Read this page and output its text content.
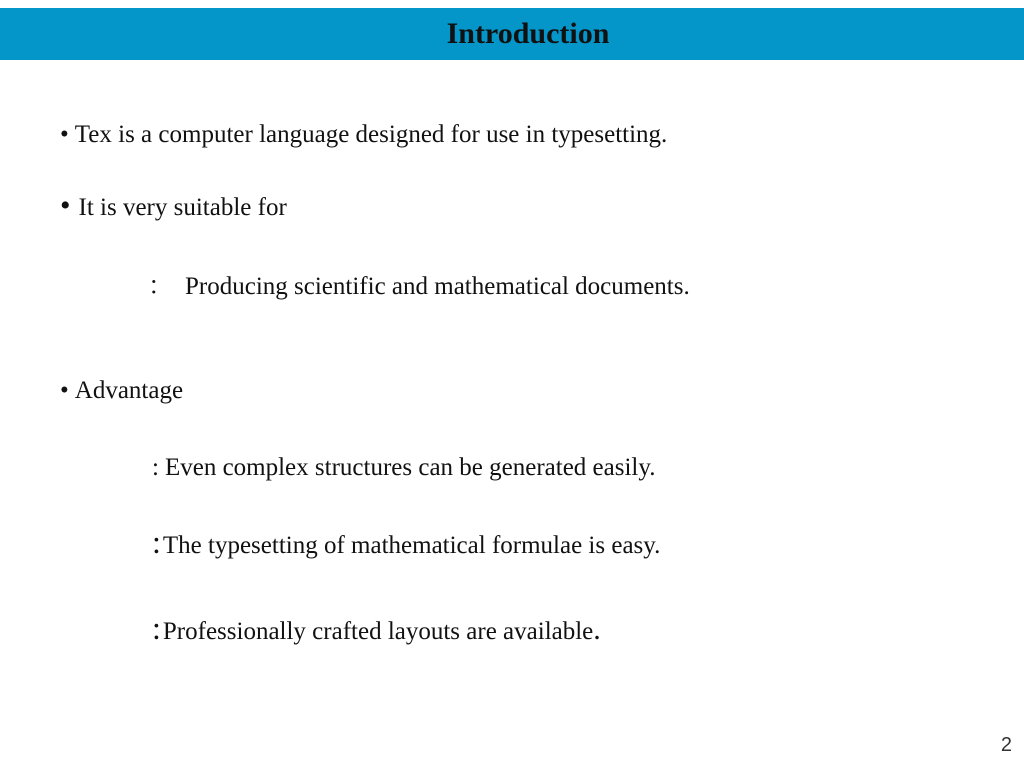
Introduction
• Tex is a computer language designed for use in typesetting.
• It is very suitable for
： Producing scientific and mathematical documents.
• Advantage
: Even complex structures can be generated easily.
:The typesetting of mathematical formulae is easy.
:Professionally crafted layouts are available.
2
